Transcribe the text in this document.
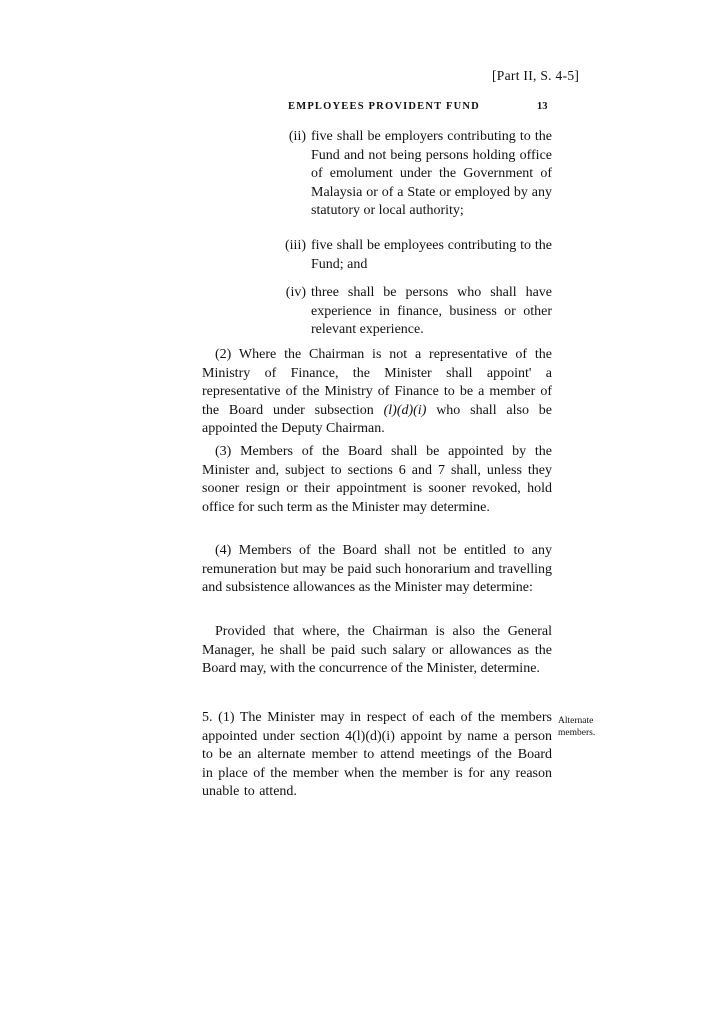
[Part II, S. 4-5]
EMPLOYEES PROVIDENT FUND	13
(ii) five shall be employers contributing to the Fund and not being persons holding office of emolument under the Government of Malaysia or of a State or employed by any statutory or local authority;
(iii) five shall be employees contributing to the Fund; and
(iv) three shall be persons who shall have experience in finance, business or other relevant experience.
(2) Where the Chairman is not a representative of the Ministry of Finance, the Minister shall appoint' a representative of the Ministry of Finance to be a member of the Board under subsection (l)(d)(i) who shall also be appointed the Deputy Chairman.
(3) Members of the Board shall be appointed by the Minister and, subject to sections 6 and 7 shall, unless they sooner resign or their appointment is sooner revoked, hold office for such term as the Minister may determine.
(4) Members of the Board shall not be entitled to any remuneration but may be paid such honorarium and travelling and subsistence allowances as the Minister may determine:
Provided that where, the Chairman is also the General Manager, he shall be paid such salary or allowances as the Board may, with the concurrence of the Minister, determine.
5. (1) The Minister may in respect of each of the members appointed under section 4(l)(d)(i) appoint by name a person to be an alternate member to attend meetings of the Board in place of the member when the member is for any reason unable to attend.
Alternate members.
